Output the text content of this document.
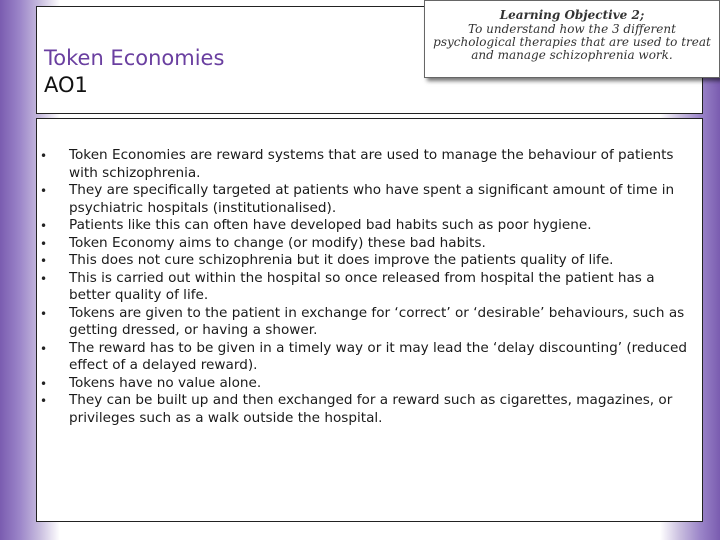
Token Economies
AO1
Learning Objective 2;
To understand how the 3 different psychological therapies that are used to treat and manage schizophrenia work.
• Token Economies are reward systems that are used to manage the behaviour of patients with schizophrenia.
• They are specifically targeted at patients who have spent a significant amount of time in psychiatric hospitals (institutionalised).
• Patients like this can often have developed bad habits such as poor hygiene.
• Token Economy aims to change (or modify) these bad habits.
• This does not cure schizophrenia but it does improve the patients quality of life.
• This is carried out within the hospital so once released from hospital the patient has a better quality of life.
• Tokens are given to the patient in exchange for ‘correct’ or ‘desirable’ behaviours, such as getting dressed, or having a shower.
• The reward has to be given in a timely way or it may lead the ‘delay discounting’ (reduced effect of a delayed reward).
• Tokens have no value alone.
• They can be built up and then exchanged for a reward such as cigarettes, magazines, or privileges such as a walk outside the hospital.
